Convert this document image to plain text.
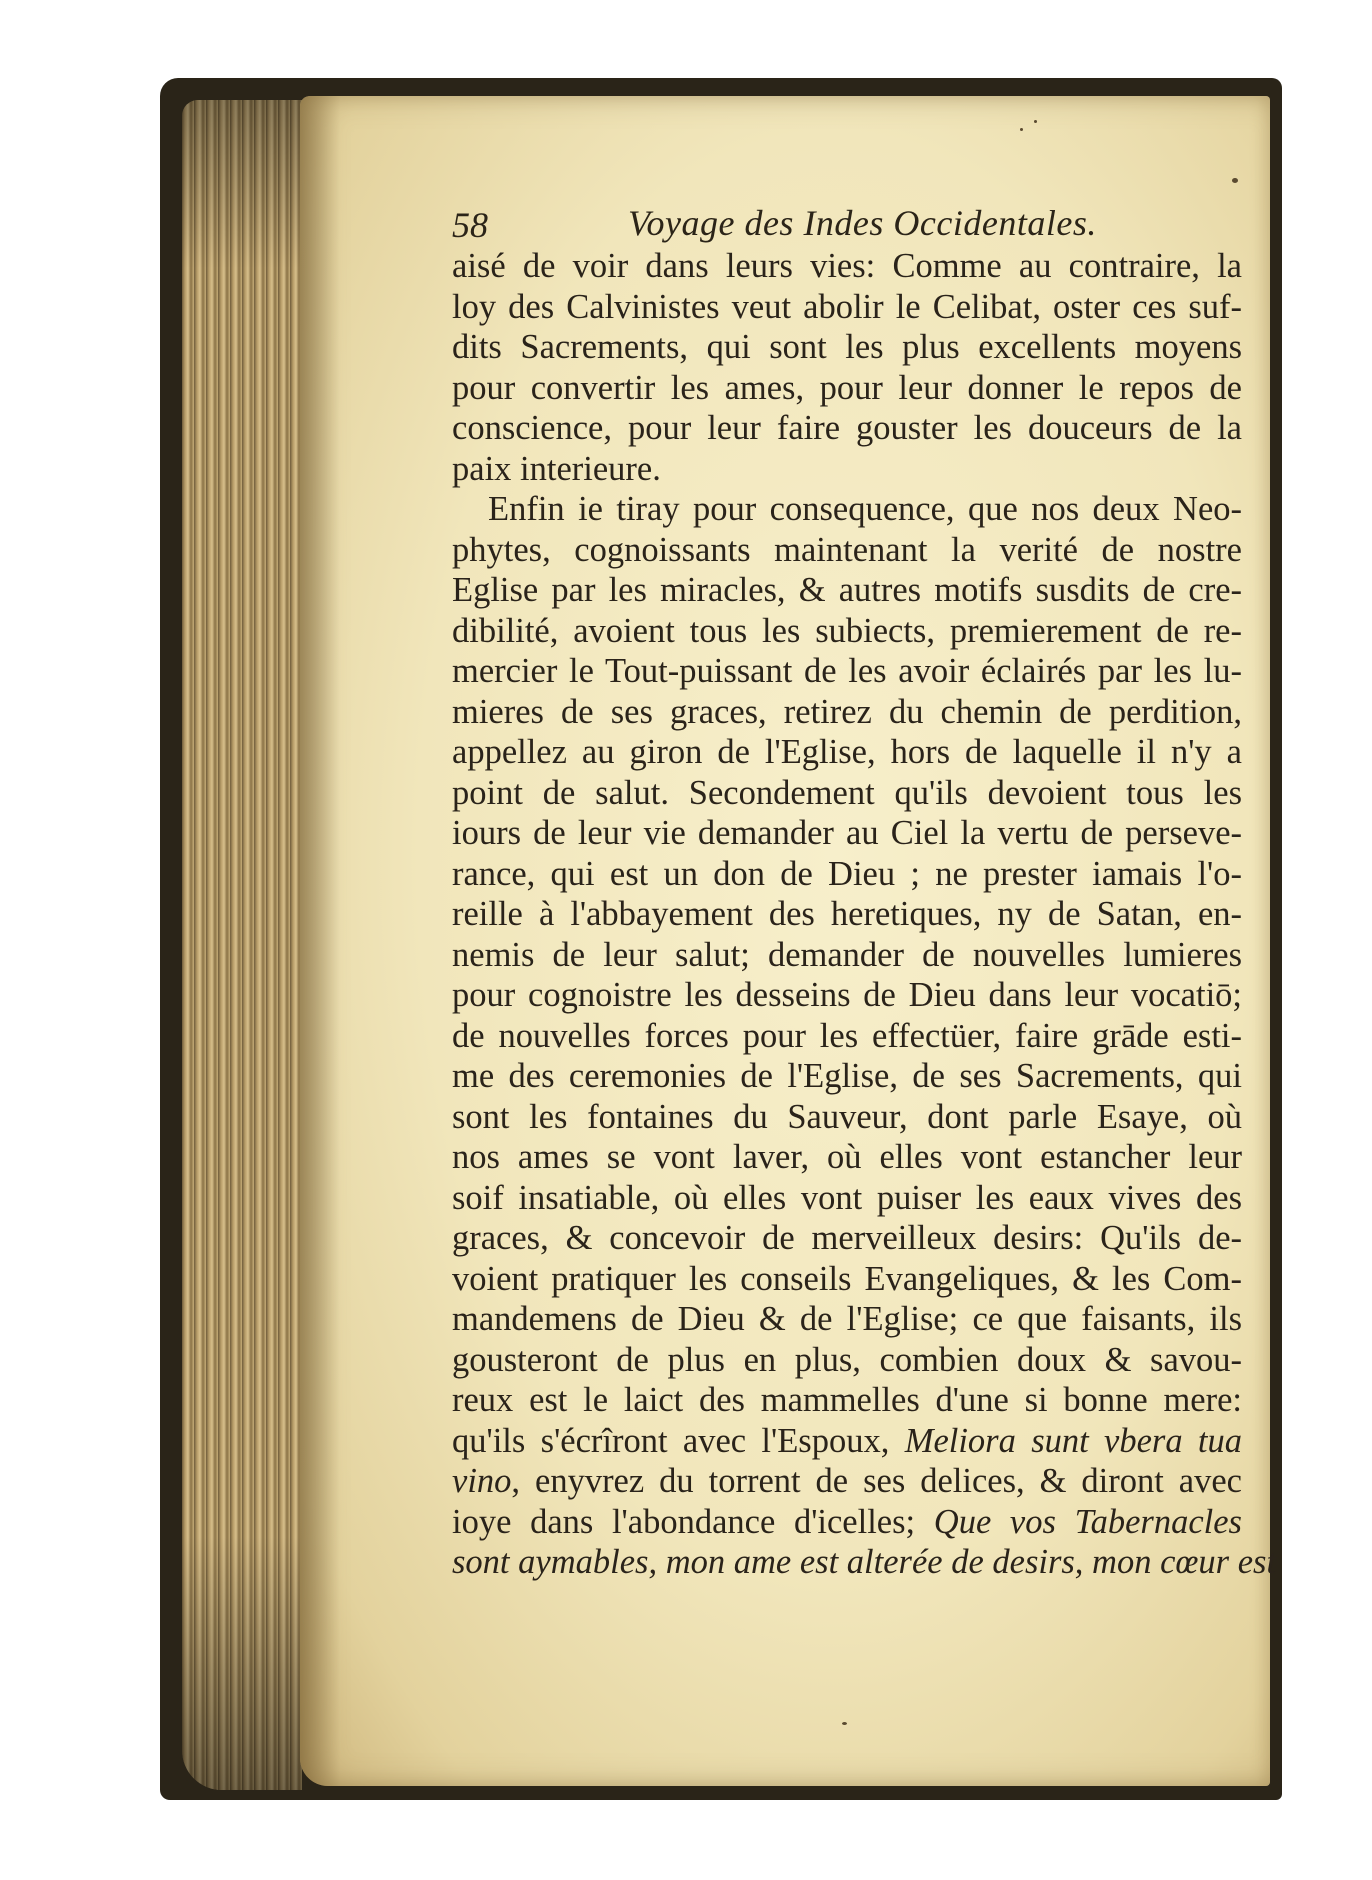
58	Voyage des Indes Occidentales.
aisé de voir dans leurs vies: Comme au contraire, la
loy des Calvinistes veut abolir le Celibat, oster ces suf-
dits Sacrements, qui sont les plus excellents moyens
pour convertir les ames, pour leur donner le repos de
conscience, pour leur faire gouster les douceurs de la
paix interieure.
Enfin ie tiray pour consequence, que nos deux Neo-
phytes, cognoissants maintenant la verité de nostre
Eglise par les miracles, & autres motifs susdits de cre-
dibilité, avoient tous les subiects, premierement de re-
mercier le Tout-puissant de les avoir éclairés par les lu-
mieres de ses graces, retirez du chemin de perdition,
appellez au giron de l'Eglise, hors de laquelle il n'y a
point de salut. Secondement qu'ils devoient tous les
iours de leur vie demander au Ciel la vertu de perseve-
rance, qui est un don de Dieu ; ne prester iamais l'o-
reille à l'abbayement des heretiques, ny de Satan, en-
nemis de leur salut; demander de nouvelles lumieres
pour cognoistre les desseins de Dieu dans leur vocatiō;
de nouvelles forces pour les effectüer, faire grāde esti-
me des ceremonies de l'Eglise, de ses Sacrements, qui
sont les fontaines du Sauveur, dont parle Esaye, où
nos ames se vont laver, où elles vont estancher leur
soif insatiable, où elles vont puiser les eaux vives des
graces, & concevoir de merveilleux desirs: Qu'ils de-
voient pratiquer les conseils Evangeliques, & les Com-
mandemens de Dieu & de l'Eglise; ce que faisants, ils
gousteront de plus en plus, combien doux & savou-
reux est le laict des mammelles d'une si bonne mere:
qu'ils s'écrîront avec l'Espoux, Meliora sunt vbera tua
vino, enyvrez du torrent de ses delices, & diront avec
ioye dans l'abondance d'icelles; Que vos Tabernacles
sont aymables, mon ame est alterée de desirs, mon cœur est
